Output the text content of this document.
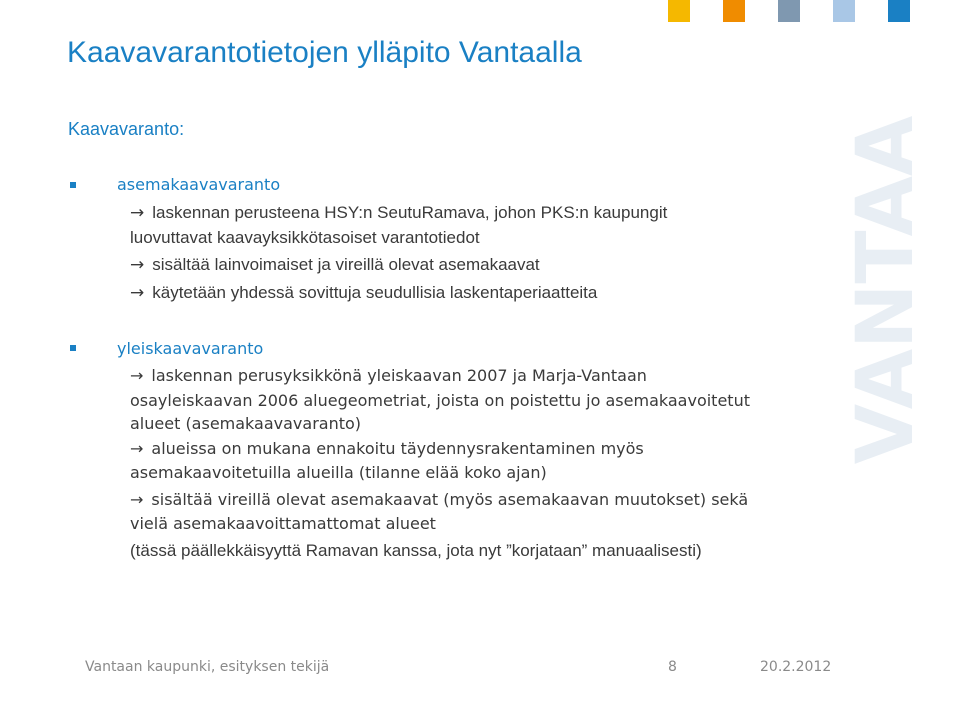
VANTAA
Kaavavarantotietojen ylläpito Vantaalla
Kaavavaranto:
asemakaavavaranto
→ laskennan perusteena HSY:n SeutuRamava, johon PKS:n kaupungit
luovuttavat kaavayksikkötasoiset varantotiedot
→ sisältää lainvoimaiset ja vireillä olevat asemakaavat
→ käytetään yhdessä sovittuja seudullisia laskentaperiaatteita
yleiskaavavaranto
→ laskennan perusyksikkönä yleiskaavan 2007 ja Marja-Vantaan
osayleiskaavan 2006 aluegeometriat, joista on poistettu jo asemakaavoitetut
alueet (asemakaavavaranto)
→ alueissa on mukana ennakoitu täydennysrakentaminen myös
asemakaavoitetuilla alueilla (tilanne elää koko ajan)
→ sisältää vireillä olevat asemakaavat (myös asemakaavan muutokset) sekä
vielä asemakaavoittamattomat alueet
(tässä päällekkäisyyttä Ramavan kanssa, jota nyt ”korjataan” manuaalisesti)
Vantaan kaupunki, esityksen tekijä	8	20.2.2012
